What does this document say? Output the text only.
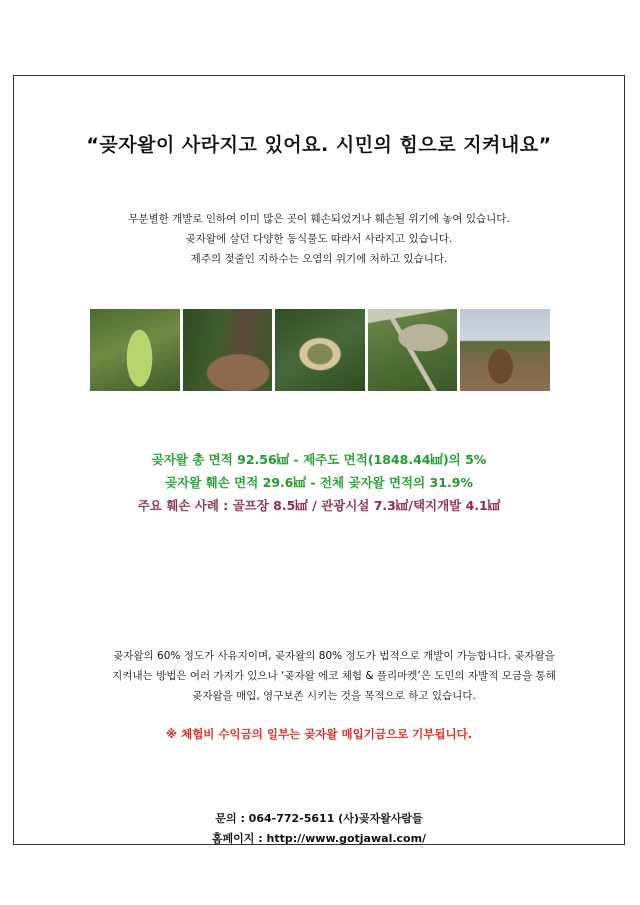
“곶자왈이 사라지고 있어요. 시민의 힘으로 지켜내요”
무분별한 개발로 인하여 이미 많은 곳이 훼손되었거나 훼손될 위기에 놓여 있습니다.
곶자왈에 살던 다양한 동식물도 따라서 사라지고 있습니다.
제주의 젖줄인 지하수는 오염의 위기에 처하고 있습니다.
곶자왈 총 면적 92.56㎢ - 제주도 면적(1848.44㎢)의 5%
곶자왈 훼손 면적 29.6㎢ - 전체 곶자왈 면적의 31.9%
주요 훼손 사례 : 골프장 8.5㎢ / 관광시설 7.3㎢/택지개발 4.1㎢
곶자왈의 60% 정도가 사유지이며, 곶자왈의 80% 정도가 법적으로 개발이 가능합니다. 곶자왈을
지켜내는 방법은 여러 가지가 있으나 ‘곶자왈 에코 체험 & 플리마켓’은 도민의 자발적 모금을 통해
곶자왈을 매입, 영구보존 시키는 것을 목적으로 하고 있습니다.
※ 체험비 수익금의 일부는 곶자왈 매입기금으로 기부됩니다.
문의 : 064-772-5611 (사)곶자왈사람들
홈페이지 : http://www.gotjawal.com/
